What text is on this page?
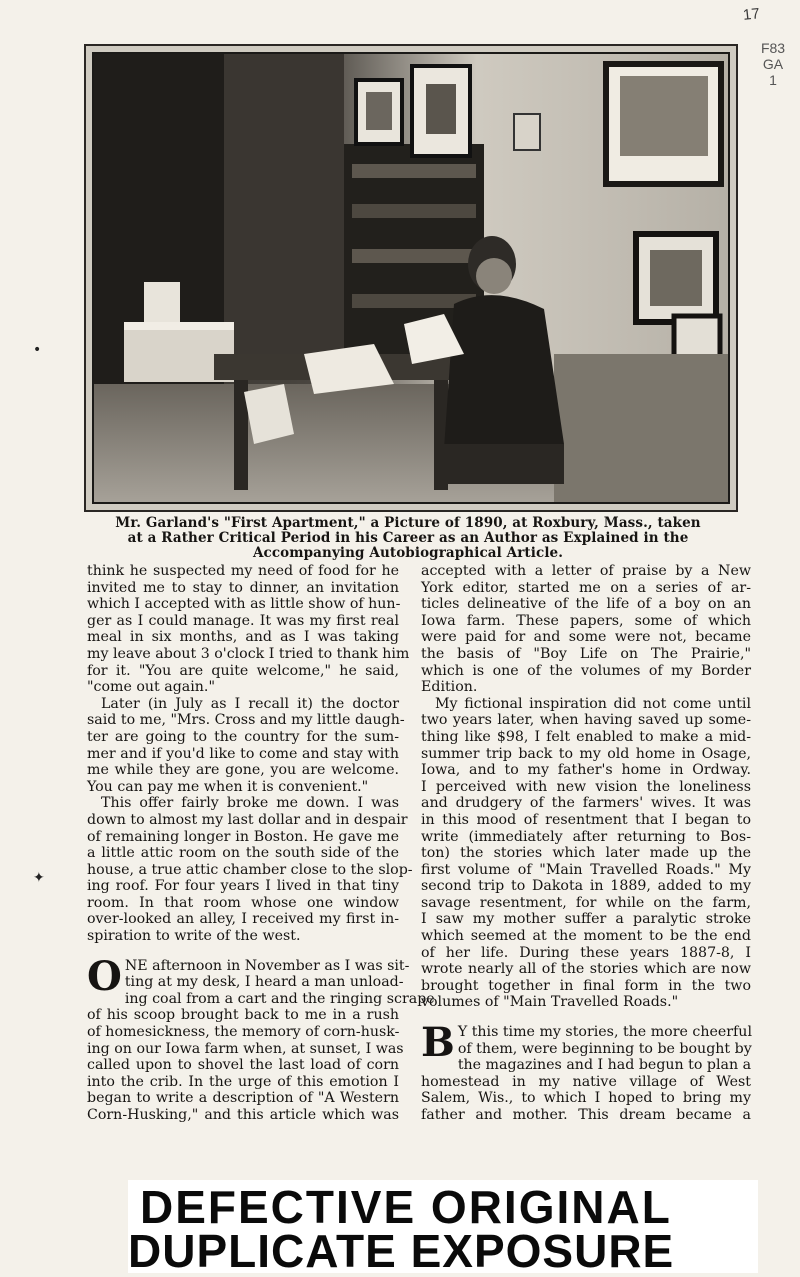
17
F83
GA
1
•
✦
Mr. Garland's "First Apartment," a Picture of 1890, at Roxbury, Mass., taken
at a Rather Critical Period in his Career as an Author as Explained in the
Accompanying Autobiographical Article.

think he suspected my need of food for he
invited me to stay to dinner, an invitation
which I accepted with as little show of hun-
ger as I could manage. It was my first real
meal in six months, and as I was taking
my leave about 3 o'clock I tried to thank him
for it. "You are quite welcome," he said,
"come out again."

Later (in July as I recall it) the doctor
said to me, "Mrs. Cross and my little daugh-
ter are going to the country for the sum-
mer and if you'd like to come and stay with
me while they are gone, you are welcome.
You can pay me when it is convenient."

This offer fairly broke me down. I was
down to almost my last dollar and in despair
of remaining longer in Boston. He gave me
a little attic room on the south side of the
house, a true attic chamber close to the slop-
ing roof. For four years I lived in that tiny
room. In that room whose one window
over-looked an alley, I received my first in-
spiration to write of the west.

O NE afternoon in November as I was sit-
ting at my desk, I heard a man unload-
ing coal from a cart and the ringing scrape
of his scoop brought back to me in a rush
of homesickness, the memory of corn-husk-
ing on our Iowa farm when, at sunset, I was
called upon to shovel the last load of corn
into the crib. In the urge of this emotion I
began to write a description of "A Western
Corn-Husking," and this article which was

accepted with a letter of praise by a New
York editor, started me on a series of ar-
ticles delineative of the life of a boy on an
Iowa farm. These papers, some of which
were paid for and some were not, became
the basis of "Boy Life on The Prairie,"
which is one of the volumes of my Border
Edition.

My fictional inspiration did not come until
two years later, when having saved up some-
thing like $98, I felt enabled to make a mid-
summer trip back to my old home in Osage,
Iowa, and to my father's home in Ordway.
I perceived with new vision the loneliness
and drudgery of the farmers' wives. It was
in this mood of resentment that I began to
write (immediately after returning to Bos-
ton) the stories which later made up the
first volume of "Main Travelled Roads." My
second trip to Dakota in 1889, added to my
savage resentment, for while on the farm,
I saw my mother suffer a paralytic stroke
which seemed at the moment to be the end
of her life. During these years 1887-8, I
wrote nearly all of the stories which are now
brought together in final form in the two
volumes of "Main Travelled Roads."

B Y this time my stories, the more cheerful
of them, were beginning to be bought by
the magazines and I had begun to plan a
homestead in my native village of West
Salem, Wis., to which I hoped to bring my
father and mother. This dream became a

DEFECTIVE ORIGINAL
DUPLICATE EXPOSURE
